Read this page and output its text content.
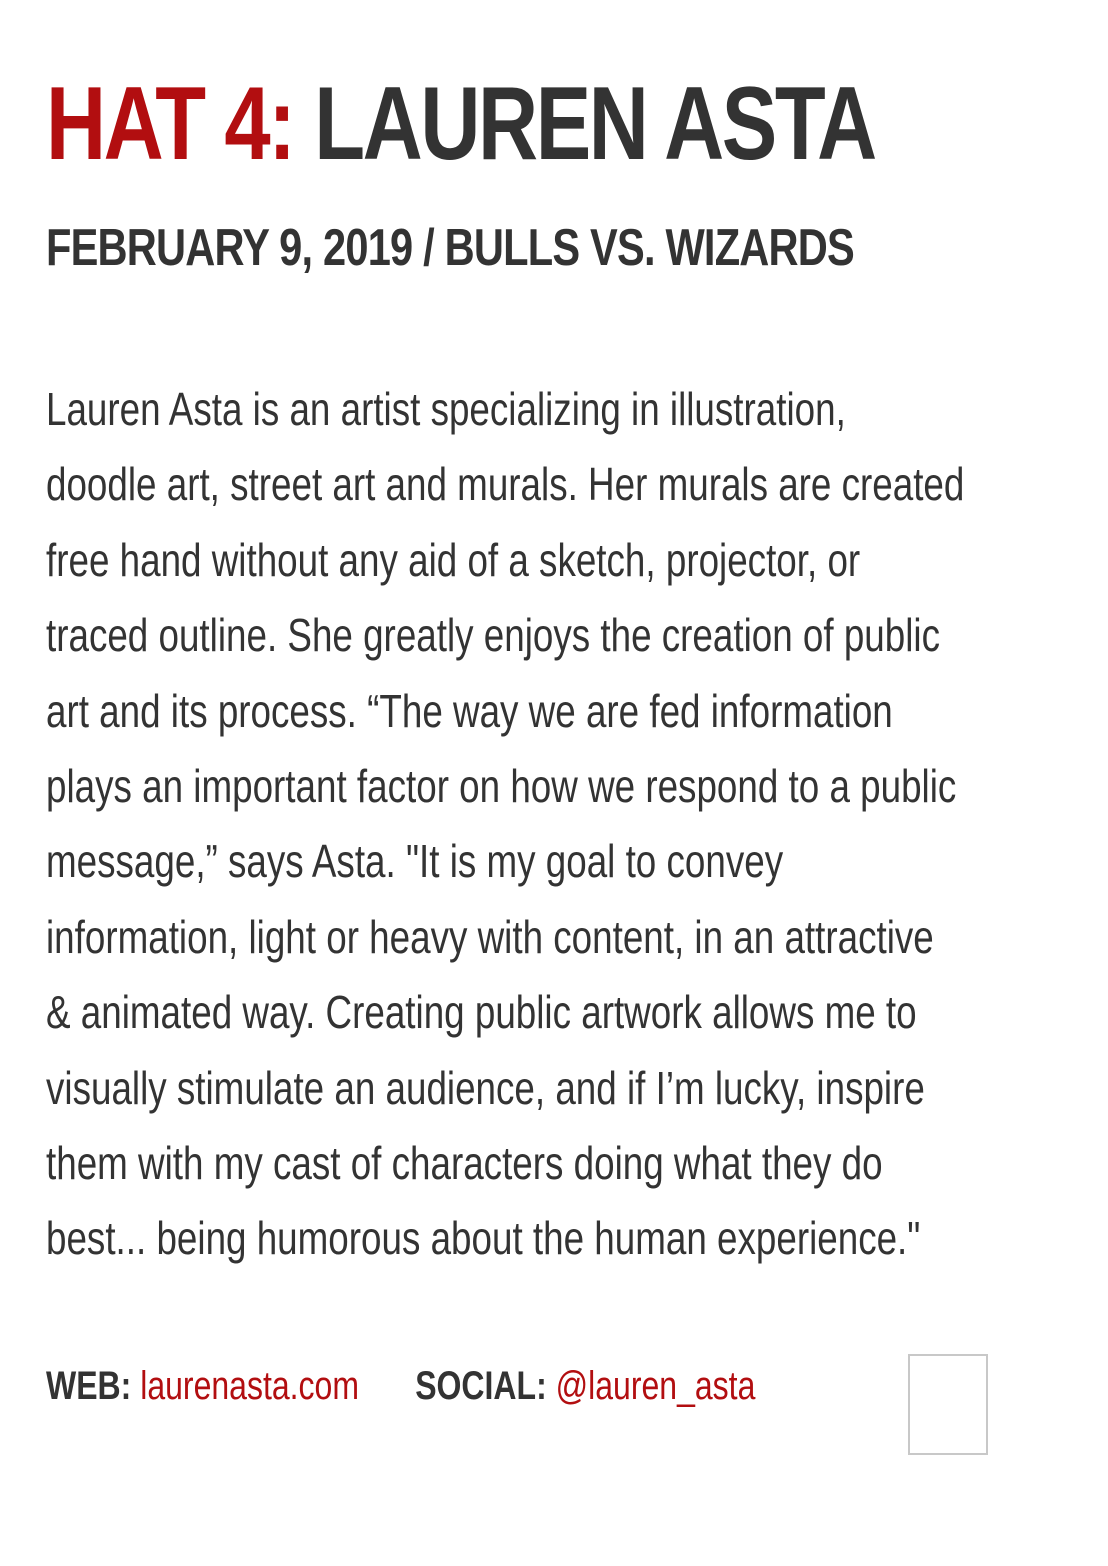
HAT 4: LAUREN ASTA
FEBRUARY 9, 2019 / BULLS VS. WIZARDS

Lauren Asta is an artist specializing in illustration,
doodle art, street art and murals. Her murals are created
free hand without any aid of a sketch, projector, or
traced outline. She greatly enjoys the creation of public
art and its process. “The way we are fed information
plays an important factor on how we respond to a public
message,” says Asta. "It is my goal to convey
information, light or heavy with content, in an attractive
& animated way. Creating public artwork allows me to
visually stimulate an audience, and if I’m lucky, inspire
them with my cast of characters doing what they do
best... being humorous about the human experience."

WEB: laurenasta.com SOCIAL: @lauren_asta
